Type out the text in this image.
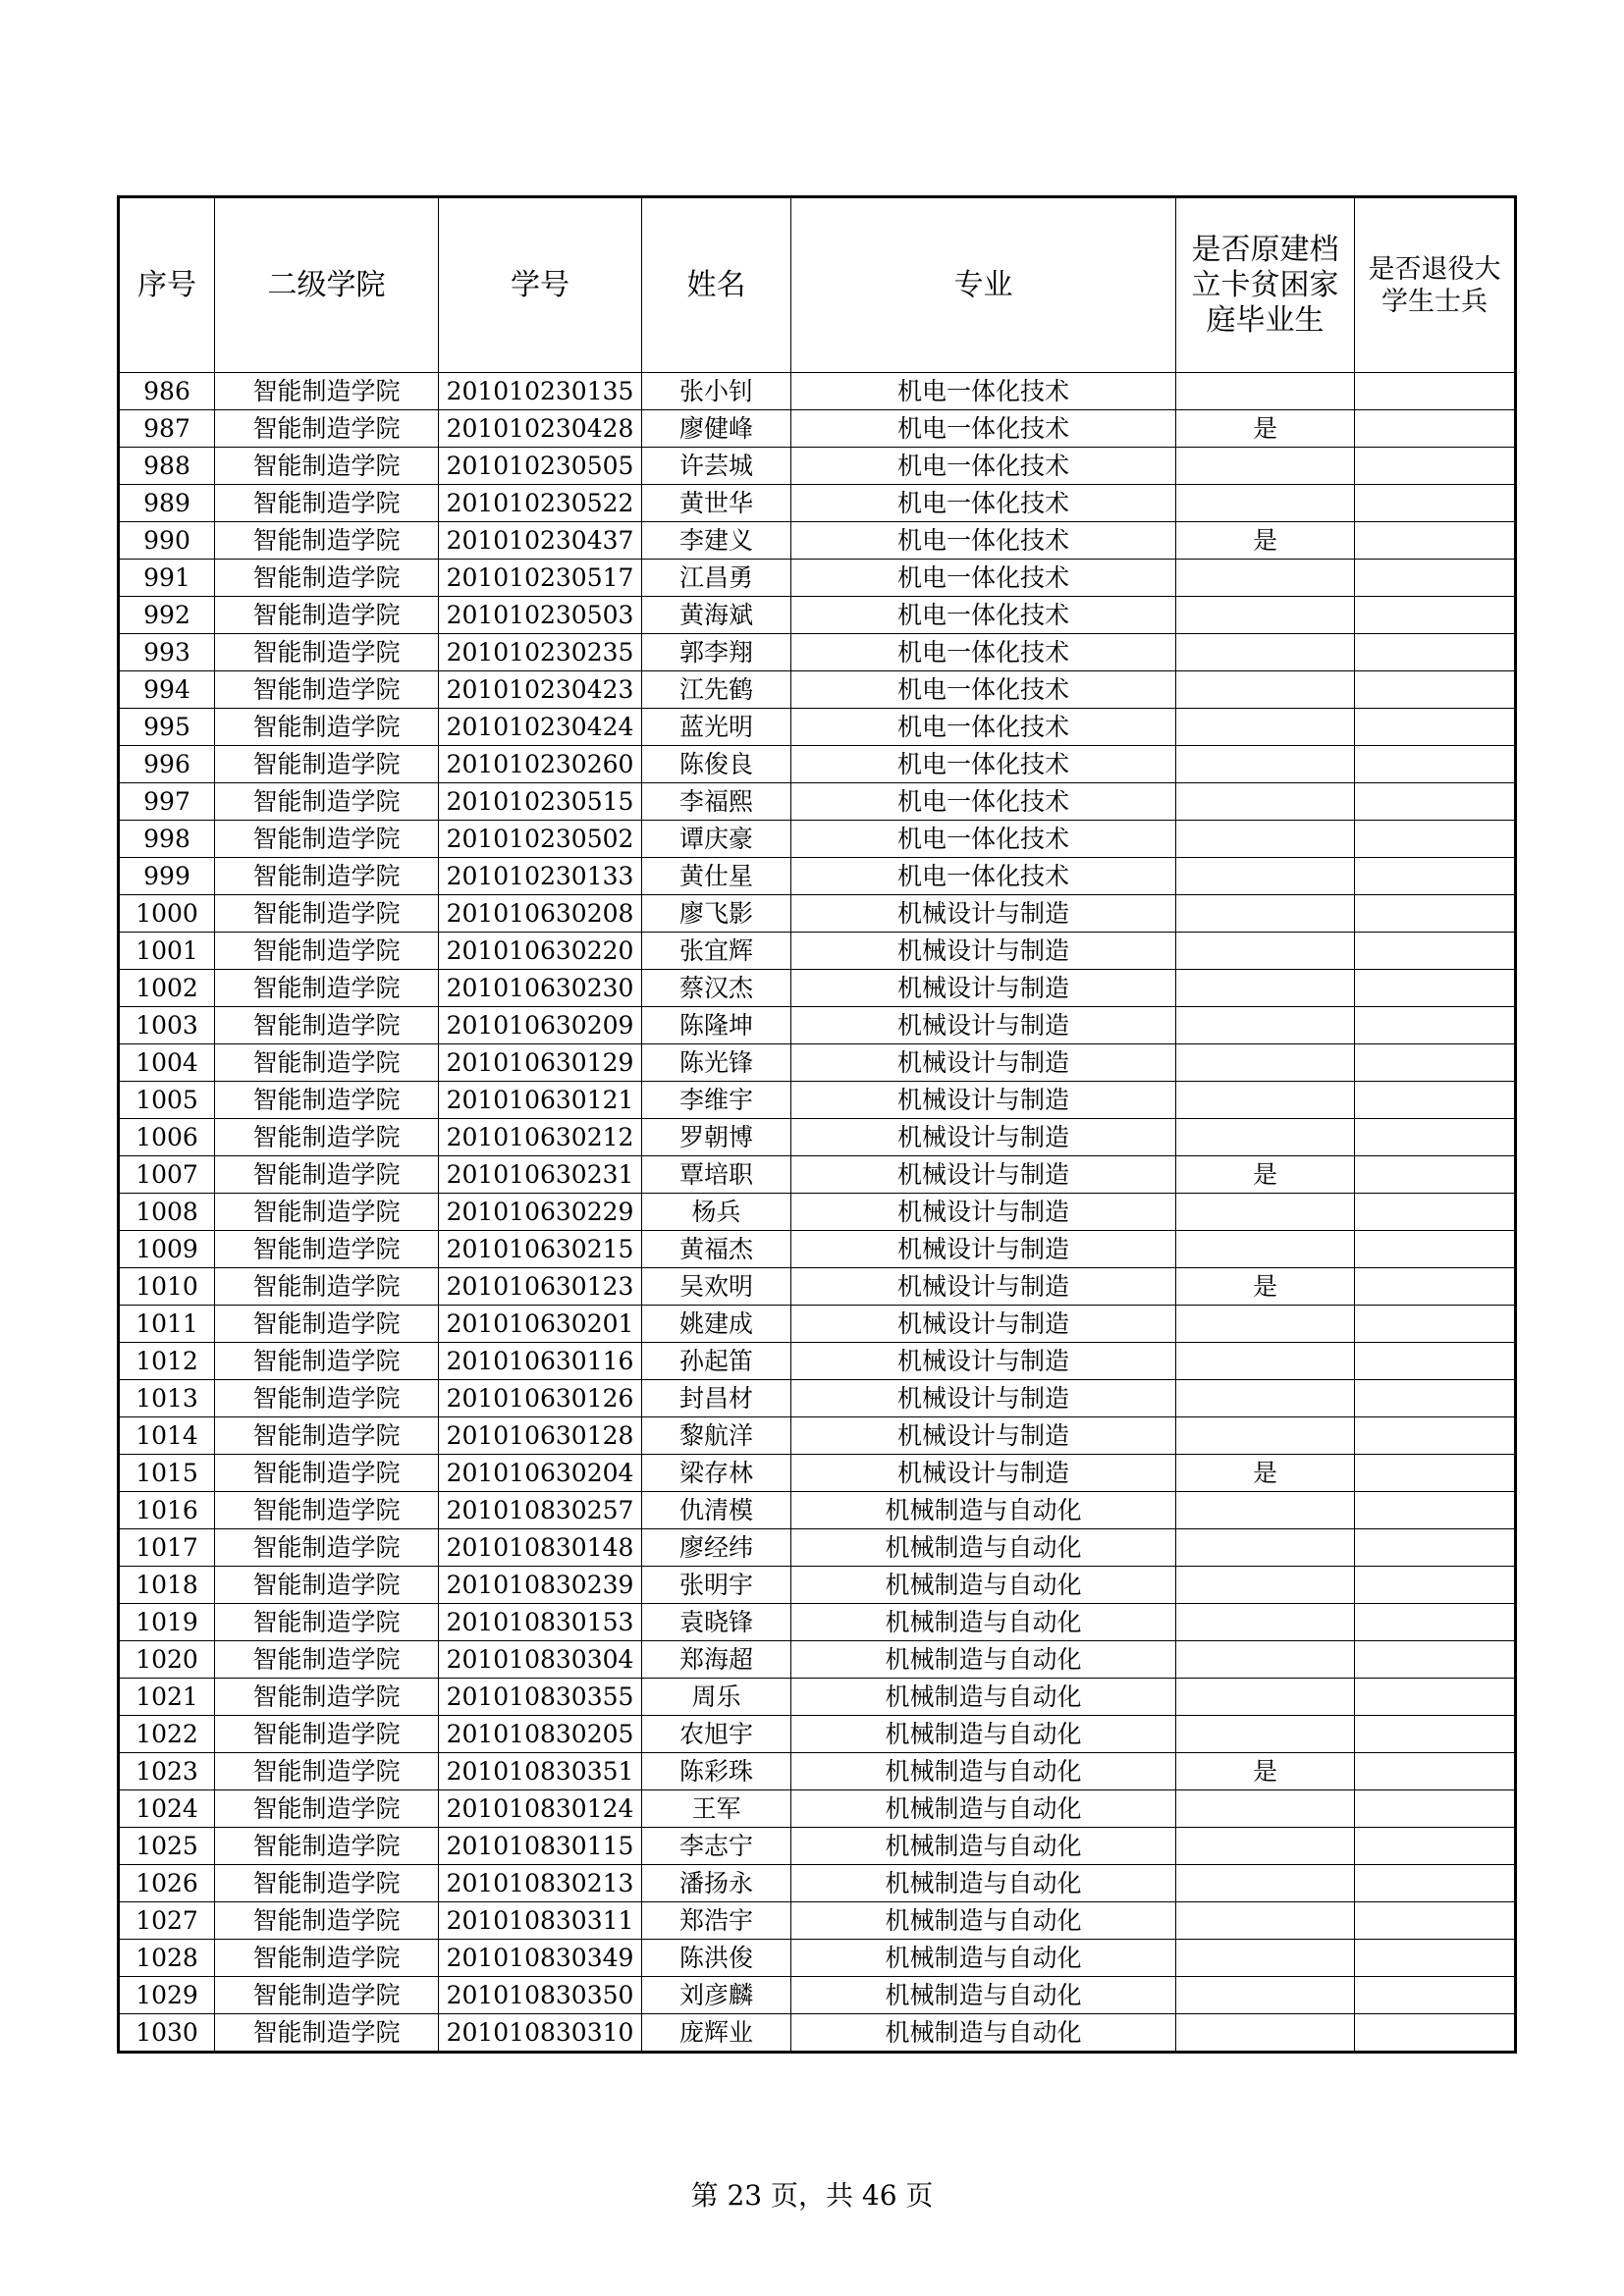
序号	二级学院	学号	姓名	专业	是否原建档立卡贫困家庭毕业生	是否退役大学生士兵
986	智能制造学院	201010230135	张小钊	机电一体化技术		
987	智能制造学院	201010230428	廖健峰	机电一体化技术	是	
988	智能制造学院	201010230505	许芸城	机电一体化技术		
989	智能制造学院	201010230522	黄世华	机电一体化技术		
990	智能制造学院	201010230437	李建义	机电一体化技术	是	
991	智能制造学院	201010230517	江昌勇	机电一体化技术		
992	智能制造学院	201010230503	黄海斌	机电一体化技术		
993	智能制造学院	201010230235	郭李翔	机电一体化技术		
994	智能制造学院	201010230423	江先鹤	机电一体化技术		
995	智能制造学院	201010230424	蓝光明	机电一体化技术		
996	智能制造学院	201010230260	陈俊良	机电一体化技术		
997	智能制造学院	201010230515	李福熙	机电一体化技术		
998	智能制造学院	201010230502	谭庆豪	机电一体化技术		
999	智能制造学院	201010230133	黄仕星	机电一体化技术		
1000	智能制造学院	201010630208	廖飞影	机械设计与制造		
1001	智能制造学院	201010630220	张宜辉	机械设计与制造		
1002	智能制造学院	201010630230	蔡汉杰	机械设计与制造		
1003	智能制造学院	201010630209	陈隆坤	机械设计与制造		
1004	智能制造学院	201010630129	陈光锋	机械设计与制造		
1005	智能制造学院	201010630121	李维宇	机械设计与制造		
1006	智能制造学院	201010630212	罗朝博	机械设计与制造		
1007	智能制造学院	201010630231	覃培职	机械设计与制造	是	
1008	智能制造学院	201010630229	杨兵	机械设计与制造		
1009	智能制造学院	201010630215	黄福杰	机械设计与制造		
1010	智能制造学院	201010630123	吴欢明	机械设计与制造	是	
1011	智能制造学院	201010630201	姚建成	机械设计与制造		
1012	智能制造学院	201010630116	孙起笛	机械设计与制造		
1013	智能制造学院	201010630126	封昌材	机械设计与制造		
1014	智能制造学院	201010630128	黎航洋	机械设计与制造		
1015	智能制造学院	201010630204	梁存林	机械设计与制造	是	
1016	智能制造学院	201010830257	仇清模	机械制造与自动化		
1017	智能制造学院	201010830148	廖经纬	机械制造与自动化		
1018	智能制造学院	201010830239	张明宇	机械制造与自动化		
1019	智能制造学院	201010830153	袁晓锋	机械制造与自动化		
1020	智能制造学院	201010830304	郑海超	机械制造与自动化		
1021	智能制造学院	201010830355	周乐	机械制造与自动化		
1022	智能制造学院	201010830205	农旭宇	机械制造与自动化		
1023	智能制造学院	201010830351	陈彩珠	机械制造与自动化	是	
1024	智能制造学院	201010830124	王军	机械制造与自动化		
1025	智能制造学院	201010830115	李志宁	机械制造与自动化		
1026	智能制造学院	201010830213	潘扬永	机械制造与自动化		
1027	智能制造学院	201010830311	郑浩宇	机械制造与自动化		
1028	智能制造学院	201010830349	陈洪俊	机械制造与自动化		
1029	智能制造学院	201010830350	刘彦麟	机械制造与自动化		
1030	智能制造学院	201010830310	庞辉业	机械制造与自动化		
第 23 页，共 46 页
